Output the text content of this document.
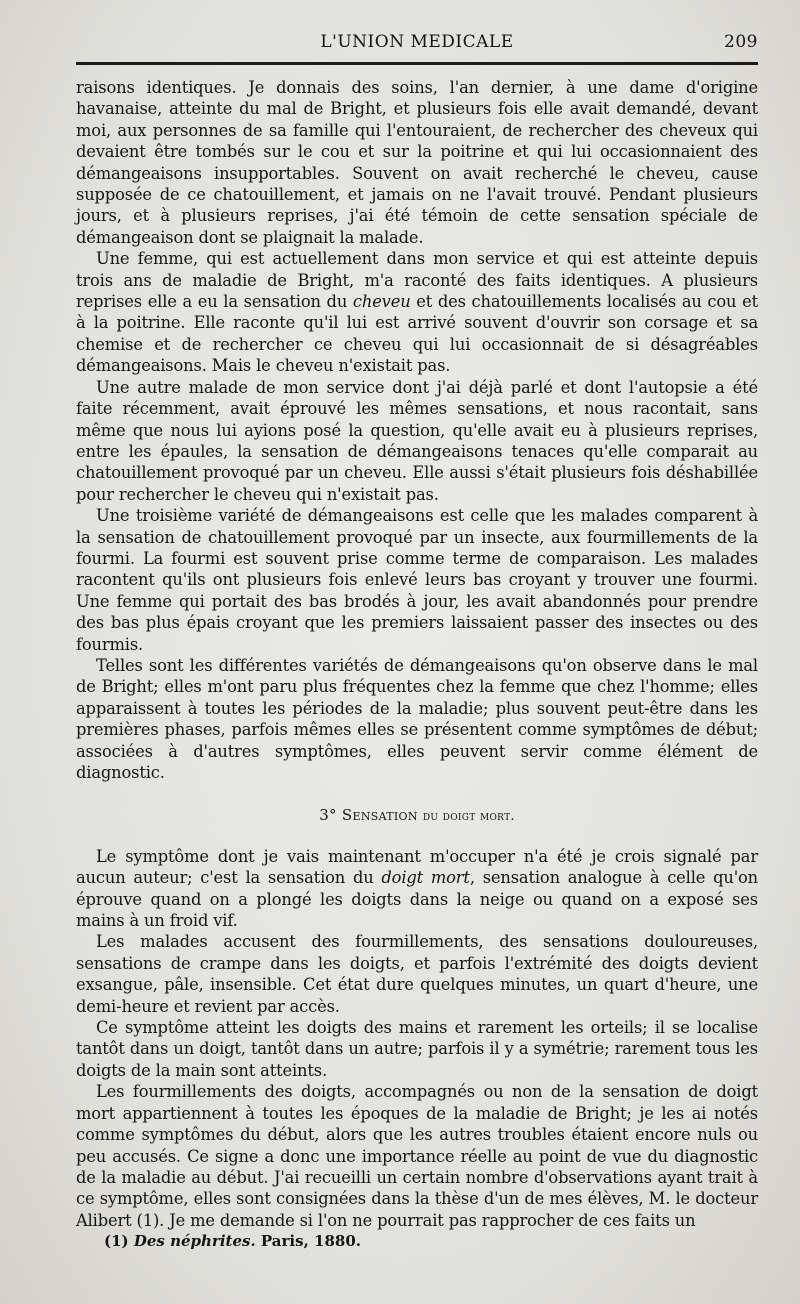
L'UNION MEDICALE	209

raisons identiques. Je donnais des soins, l'an dernier, à une dame d'origine havanaise, atteinte du mal de Bright, et plusieurs fois elle avait demandé, devant moi, aux personnes de sa famille qui l'entouraient, de rechercher des cheveux qui devaient être tombés sur le cou et sur la poitrine et qui lui occasionnaient des démangeaisons insupportables. Souvent on avait recherché le cheveu, cause supposée de ce chatouillement, et jamais on ne l'avait trouvé. Pendant plusieurs jours, et à plusieurs reprises, j'ai été témoin de cette sensation spéciale de démangeaison dont se plaignait la malade.

Une femme, qui est actuellement dans mon service et qui est atteinte depuis trois ans de maladie de Bright, m'a raconté des faits identiques. A plusieurs reprises elle a eu la sensation du cheveu et des chatouillements localisés au cou et à la poitrine. Elle raconte qu'il lui est arrivé souvent d'ouvrir son corsage et sa chemise et de rechercher ce cheveu qui lui occasionnait de si désagréables démangeaisons. Mais le cheveu n'existait pas.

Une autre malade de mon service dont j'ai déjà parlé et dont l'autopsie a été faite récemment, avait éprouvé les mêmes sensations, et nous racontait, sans même que nous lui ayions posé la question, qu'elle avait eu à plusieurs reprises, entre les épaules, la sensation de démangeaisons tenaces qu'elle comparait au chatouillement provoqué par un cheveu. Elle aussi s'était plusieurs fois déshabillée pour rechercher le cheveu qui n'existait pas.

Une troisième variété de démangeaisons est celle que les malades comparent à la sensation de chatouillement provoqué par un insecte, aux fourmillements de la fourmi. La fourmi est souvent prise comme terme de comparaison. Les malades racontent qu'ils ont plusieurs fois enlevé leurs bas croyant y trouver une fourmi. Une femme qui portait des bas brodés à jour, les avait abandonnés pour prendre des bas plus épais croyant que les premiers laissaient passer des insectes ou des fourmis.

Telles sont les différentes variétés de démangeaisons qu'on observe dans le mal de Bright; elles m'ont paru plus fréquentes chez la femme que chez l'homme; elles apparaissent à toutes les périodes de la maladie; plus souvent peut-être dans les premières phases, parfois mêmes elles se présentent comme symptômes de début; associées à d'autres symptômes, elles peuvent servir comme élément de diagnostic.

3° Sensation du doigt mort.

Le symptôme dont je vais maintenant m'occuper n'a été je crois signalé par aucun auteur; c'est la sensation du doigt mort, sensation analogue à celle qu'on éprouve quand on a plongé les doigts dans la neige ou quand on a exposé ses mains à un froid vif.

Les malades accusent des fourmillements, des sensations douloureuses, sensations de crampe dans les doigts, et parfois l'extrémité des doigts devient exsangue, pâle, insensible. Cet état dure quelques minutes, un quart d'heure, une demi-heure et revient par accès.

Ce symptôme atteint les doigts des mains et rarement les orteils; il se localise tantôt dans un doigt, tantôt dans un autre; parfois il y a symétrie; rarement tous les doigts de la main sont atteints.

Les fourmillements des doigts, accompagnés ou non de la sensation de doigt mort appartiennent à toutes les époques de la maladie de Bright; je les ai notés comme symptômes du début, alors que les autres troubles étaient encore nuls ou peu accusés. Ce signe a donc une importance réelle au point de vue du diagnostic de la maladie au début. J'ai recueilli un certain nombre d'observations ayant trait à ce symptôme, elles sont consignées dans la thèse d'un de mes élèves, M. le docteur Alibert (1). Je me demande si l'on ne pourrait pas rapprocher de ces faits un

(1) Des néphrites. Paris, 1880.
